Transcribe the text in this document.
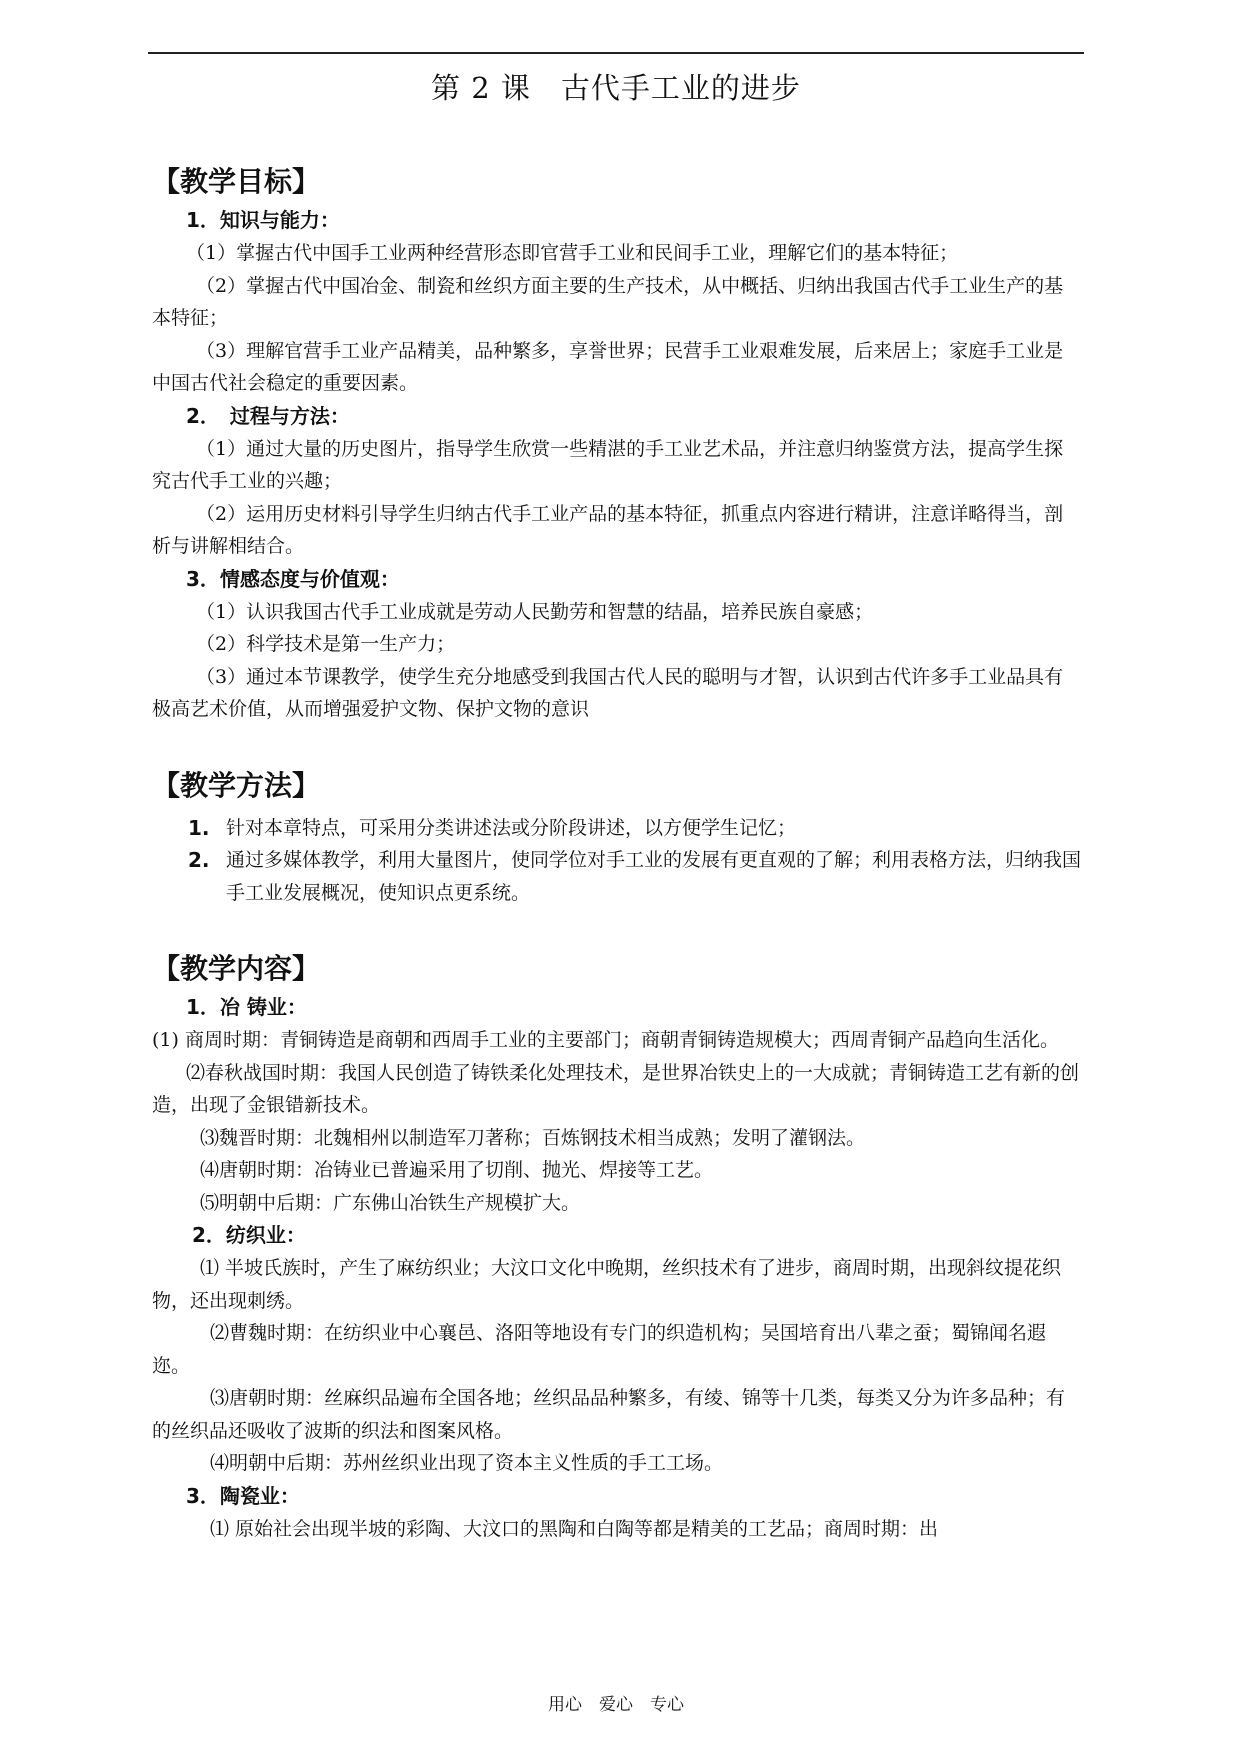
第 2 课　古代手工业的进步
【教学目标】
1．知识与能力：

（1）掌握古代中国手工业两种经营形态即官营手工业和民间手工业，理解它们的基本特征；

（2）掌握古代中国冶金、制瓷和丝织方面主要的生产技术，从中概括、归纳出我国古代手工业生产的基本特征；

（3）理解官营手工业产品精美，品种繁多，享誉世界；民营手工业艰难发展，后来居上；家庭手工业是中国古代社会稳定的重要因素。

2．　过程与方法：

（1）通过大量的历史图片，指导学生欣赏一些精湛的手工业艺术品，并注意归纳鉴赏方法，提高学生探究古代手工业的兴趣；

（2）运用历史材料引导学生归纳古代手工业产品的基本特征，抓重点内容进行精讲，注意详略得当，剖析与讲解相结合。

3．情感态度与价值观：

（1）认识我国古代手工业成就是劳动人民勤劳和智慧的结晶，培养民族自豪感；

（2）科学技术是第一生产力；

（3）通过本节课教学，使学生充分地感受到我国古代人民的聪明与才智，认识到古代许多手工业品具有极高艺术价值，从而增强爱护文物、保护文物的意识

【教学方法】
1. 针对本章特点，可采用分类讲述法或分阶段讲述，以方便学生记忆；
2. 通过多媒体教学，利用大量图片，使同学位对手工业的发展有更直观的了解；利用表格方法，归纳我国手工业发展概况，使知识点更系统。
【教学内容】
1．冶 铸业：

(1) 商周时期：青铜铸造是商朝和西周手工业的主要部门；商朝青铜铸造规模大；西周青铜产品趋向生活化。

⑵春秋战国时期：我国人民创造了铸铁柔化处理技术，是世界冶铁史上的一大成就；青铜铸造工艺有新的创造，出现了金银错新技术。

⑶魏晋时期：北魏相州以制造军刀著称；百炼钢技术相当成熟；发明了灌钢法。

⑷唐朝时期：冶铸业已普遍采用了切削、抛光、焊接等工艺。

⑸明朝中后期：广东佛山冶铁生产规模扩大。

2．纺织业：

⑴ 半坡氏族时，产生了麻纺织业；大汶口文化中晚期，丝织技术有了进步，商周时期，出现斜纹提花织物，还出现刺绣。

⑵曹魏时期：在纺织业中心襄邑、洛阳等地设有专门的织造机构；吴国培育出八辈之蚕；蜀锦闻名遐迩。

⑶唐朝时期：丝麻织品遍布全国各地；丝织品品种繁多，有绫、锦等十几类，每类又分为许多品种；有的丝织品还吸收了波斯的织法和图案风格。

⑷明朝中后期：苏州丝织业出现了资本主义性质的手工工场。

3．陶瓷业：

⑴ 原始社会出现半坡的彩陶、大汶口的黑陶和白陶等都是精美的工艺品；商周时期：出

用心　爱心　专心
